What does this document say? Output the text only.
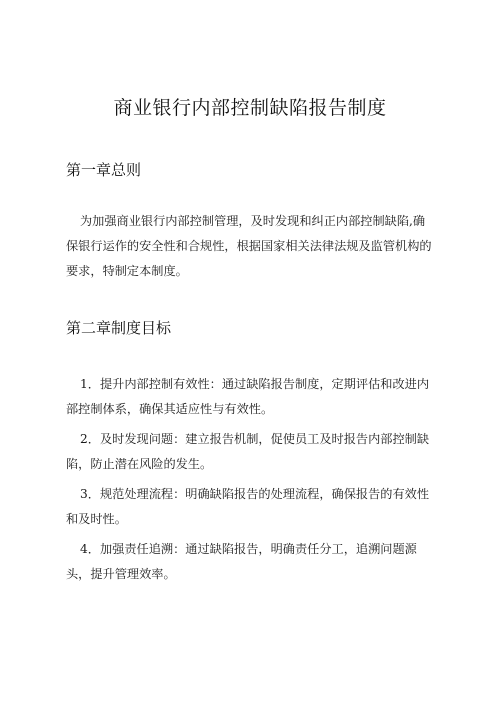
商业银行内部控制缺陷报告制度
第一章总则
为加强商业银行内部控制管理，及时发现和纠正内部控制缺陷,确
保银行运作的安全性和合规性，根据国家相关法律法规及监管机构的
要求，特制定本制度。
第二章制度目标
1．提升内部控制有效性：通过缺陷报告制度，定期评估和改进内
部控制体系，确保其适应性与有效性。
2．及时发现问题：建立报告机制，促使员工及时报告内部控制缺
陷，防止潜在风险的发生。
3．规范处理流程：明确缺陷报告的处理流程，确保报告的有效性
和及时性。
4．加强责任追溯：通过缺陷报告，明确责任分工，追溯问题源
头，提升管理效率。
